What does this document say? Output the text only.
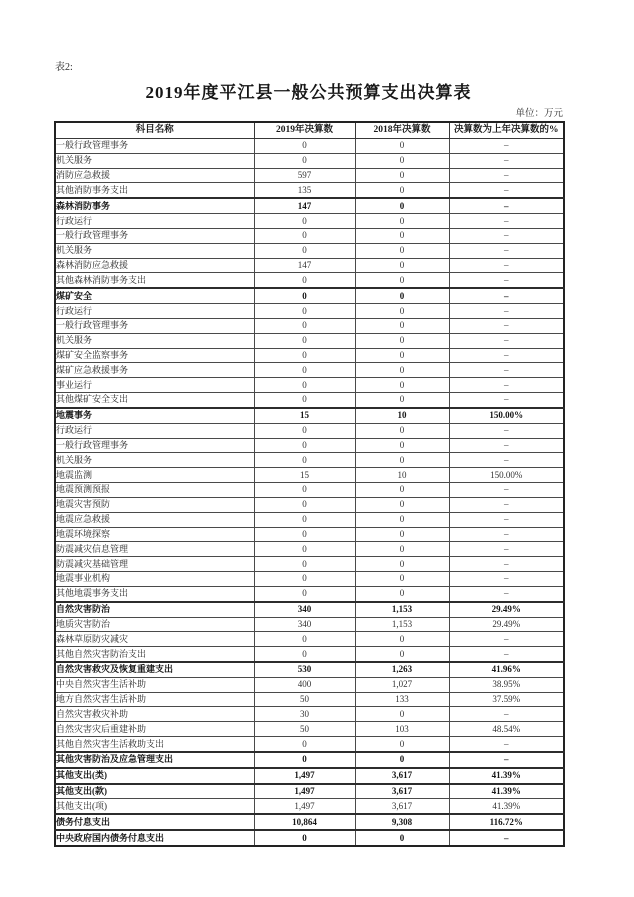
表2:
2019年度平江县一般公共预算支出决算表
单位：万元
科目名称	2019年决算数	2018年决算数	决算数为上年决算数的%
一般行政管理事务	0	0	–
机关服务	0	0	–
消防应急救援	597	0	–
其他消防事务支出	135	0	–
森林消防事务	147	0	–
行政运行	0	0	–
一般行政管理事务	0	0	–
机关服务	0	0	–
森林消防应急救援	147	0	–
其他森林消防事务支出	0	0	–
煤矿安全	0	0	–
行政运行	0	0	–
一般行政管理事务	0	0	–
机关服务	0	0	–
煤矿安全监察事务	0	0	–
煤矿应急救援事务	0	0	–
事业运行	0	0	–
其他煤矿安全支出	0	0	–
地震事务	15	10	150.00%
行政运行	0	0	–
一般行政管理事务	0	0	–
机关服务	0	0	–
地震监测	15	10	150.00%
地震预测预报	0	0	–
地震灾害预防	0	0	–
地震应急救援	0	0	–
地震环境探察	0	0	–
防震减灾信息管理	0	0	–
防震减灾基础管理	0	0	–
地震事业机构	0	0	–
其他地震事务支出	0	0	–
自然灾害防治	340	1,153	29.49%
地质灾害防治	340	1,153	29.49%
森林草原防灾减灾	0	0	–
其他自然灾害防治支出	0	0	–
自然灾害救灾及恢复重建支出	530	1,263	41.96%
中央自然灾害生活补助	400	1,027	38.95%
地方自然灾害生活补助	50	133	37.59%
自然灾害救灾补助	30	0	–
自然灾害灾后重建补助	50	103	48.54%
其他自然灾害生活救助支出	0	0	–
其他灾害防治及应急管理支出	0	0	–
其他支出(类)	1,497	3,617	41.39%
其他支出(款)	1,497	3,617	41.39%
其他支出(项)	1,497	3,617	41.39%
债务付息支出	10,864	9,308	116.72%
中央政府国内债务付息支出	0	0	–
